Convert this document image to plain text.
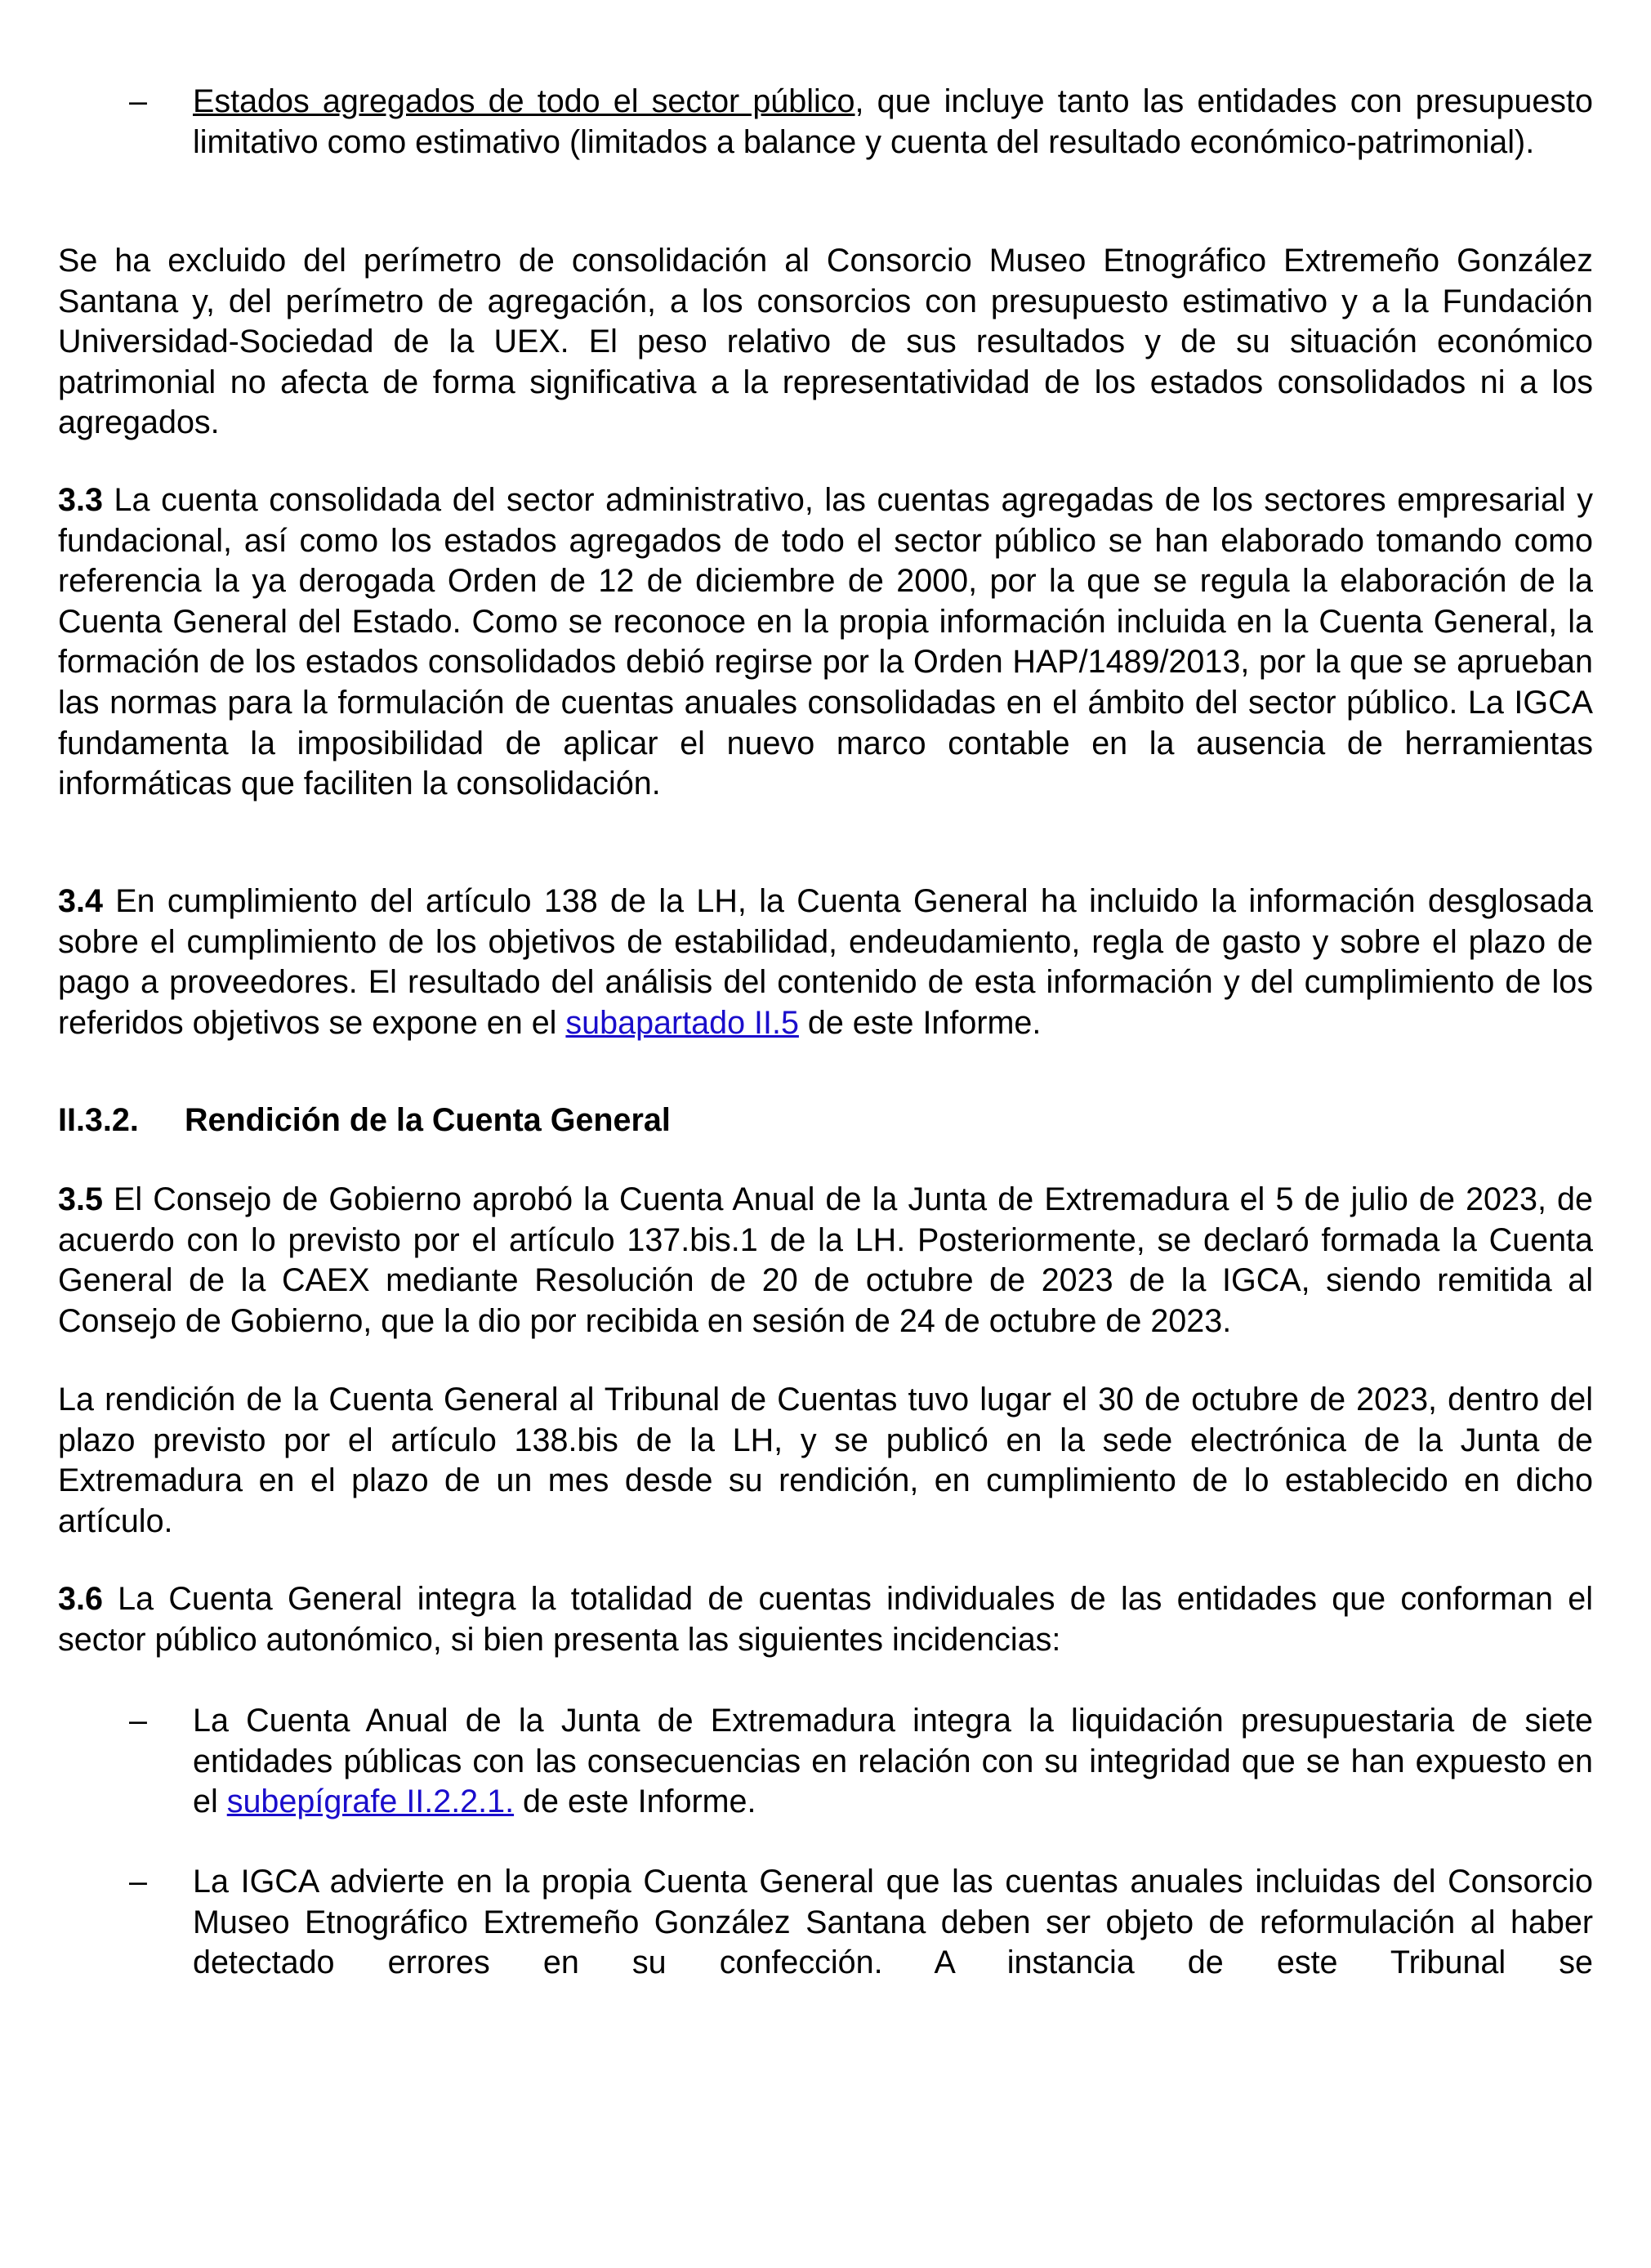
– Estados agregados de todo el sector público, que incluye tanto las entidades con presupuesto limitativo como estimativo (limitados a balance y cuenta del resultado económico-patrimonial).
Se ha excluido del perímetro de consolidación al Consorcio Museo Etnográfico Extremeño González Santana y, del perímetro de agregación, a los consorcios con presupuesto estimativo y a la Fundación Universidad-Sociedad de la UEX. El peso relativo de sus resultados y de su situación económico patrimonial no afecta de forma significativa a la representatividad de los estados consolidados ni a los agregados.
3.3 La cuenta consolidada del sector administrativo, las cuentas agregadas de los sectores empresarial y fundacional, así como los estados agregados de todo el sector público se han elaborado tomando como referencia la ya derogada Orden de 12 de diciembre de 2000, por la que se regula la elaboración de la Cuenta General del Estado. Como se reconoce en la propia información incluida en la Cuenta General, la formación de los estados consolidados debió regirse por la Orden HAP/1489/2013, por la que se aprueban las normas para la formulación de cuentas anuales consolidadas en el ámbito del sector público. La IGCA fundamenta la imposibilidad de aplicar el nuevo marco contable en la ausencia de herramientas informáticas que faciliten la consolidación.
3.4 En cumplimiento del artículo 138 de la LH, la Cuenta General ha incluido la información desglosada sobre el cumplimiento de los objetivos de estabilidad, endeudamiento, regla de gasto y sobre el plazo de pago a proveedores. El resultado del análisis del contenido de esta información y del cumplimiento de los referidos objetivos se expone en el subapartado II.5 de este Informe.
II.3.2. Rendición de la Cuenta General
3.5 El Consejo de Gobierno aprobó la Cuenta Anual de la Junta de Extremadura el 5 de julio de 2023, de acuerdo con lo previsto por el artículo 137.bis.1 de la LH. Posteriormente, se declaró formada la Cuenta General de la CAEX mediante Resolución de 20 de octubre de 2023 de la IGCA, siendo remitida al Consejo de Gobierno, que la dio por recibida en sesión de 24 de octubre de 2023.
La rendición de la Cuenta General al Tribunal de Cuentas tuvo lugar el 30 de octubre de 2023, dentro del plazo previsto por el artículo 138.bis de la LH, y se publicó en la sede electrónica de la Junta de Extremadura en el plazo de un mes desde su rendición, en cumplimiento de lo establecido en dicho artículo.
3.6 La Cuenta General integra la totalidad de cuentas individuales de las entidades que conforman el sector público autonómico, si bien presenta las siguientes incidencias:
– La Cuenta Anual de la Junta de Extremadura integra la liquidación presupuestaria de siete entidades públicas con las consecuencias en relación con su integridad que se han expuesto en el subepígrafe II.2.2.1. de este Informe.
– La IGCA advierte en la propia Cuenta General que las cuentas anuales incluidas del Consorcio Museo Etnográfico Extremeño González Santana deben ser objeto de reformulación al haber detectado errores en su confección. A instancia de este Tribunal se
